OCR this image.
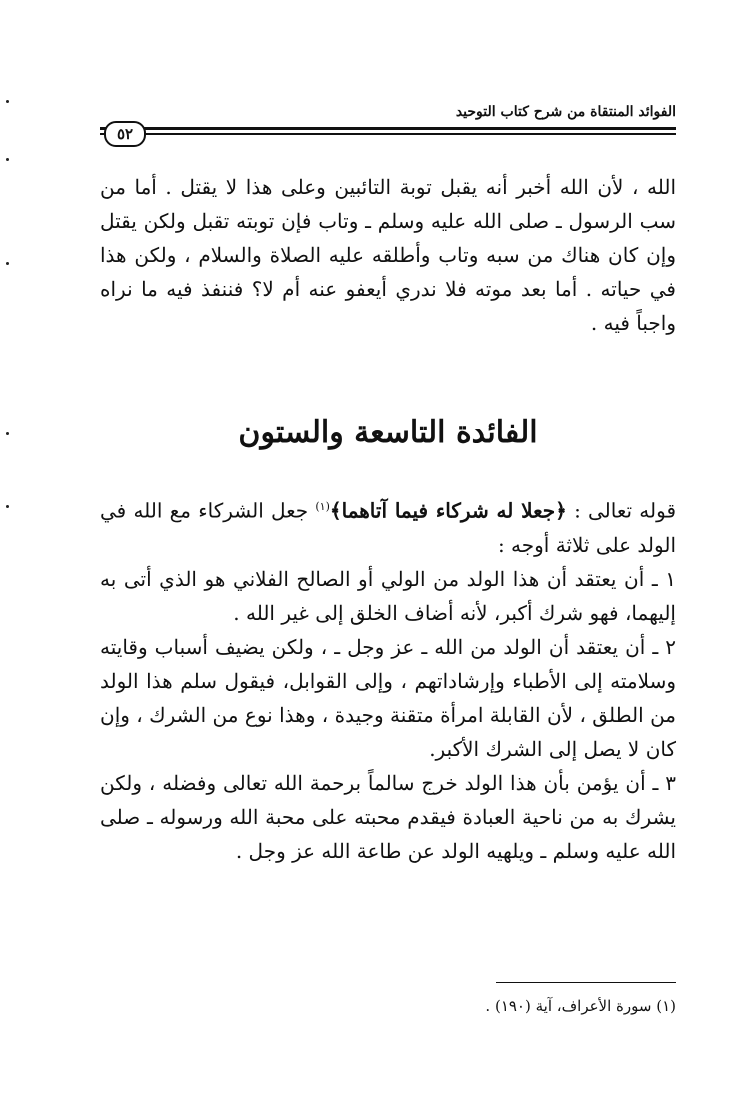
الفوائد المنتقاة من شرح كتاب التوحيد
٥٢
الله ، لأن الله أخبر أنه يقبل توبة التائبين وعلى هذا لا يقتل . أما من سب الرسول ـ صلى الله عليه وسلم ـ وتاب فإن توبته تقبل ولكن يقتل وإن كان هناك من سبه وتاب وأطلقه عليه الصلاة والسلام ، ولكن هذا في حياته . أما بعد موته فلا ندري أيعفو عنه أم لا؟ فننفذ فيه ما نراه واجباً فيه .
الفائدة التاسعة والستون

قوله تعالى : ﴿جعلا له شركاء فيما آتاهما﴾$^{(١)}$ جعل الشركاء مع الله في الولد على ثلاثة أوجه :

١ ـ أن يعتقد أن هذا الولد من الولي أو الصالح الفلاني هو الذي أتى به إليهما، فهو شرك أكبر، لأنه أضاف الخلق إلى غير الله .

٢ ـ أن يعتقد أن الولد من الله ـ عز وجل ـ ، ولكن يضيف أسباب وقايته وسلامته إلى الأطباء وإرشاداتهم ، وإلى القوابل، فيقول سلم هذا الولد من الطلق ، لأن القابلة امرأة متقنة وجيدة ، وهذا نوع من الشرك ، وإن كان لا يصل إلى الشرك الأكبر.

٣ ـ أن يؤمن بأن هذا الولد خرج سالماً برحمة الله تعالى وفضله ، ولكن يشرك به من ناحية العبادة فيقدم محبته على محبة الله ورسوله ـ صلى الله عليه وسلم ـ ويلهيه الولد عن طاعة الله عز وجل .

(١) سورة الأعراف، آية (١٩٠) .
